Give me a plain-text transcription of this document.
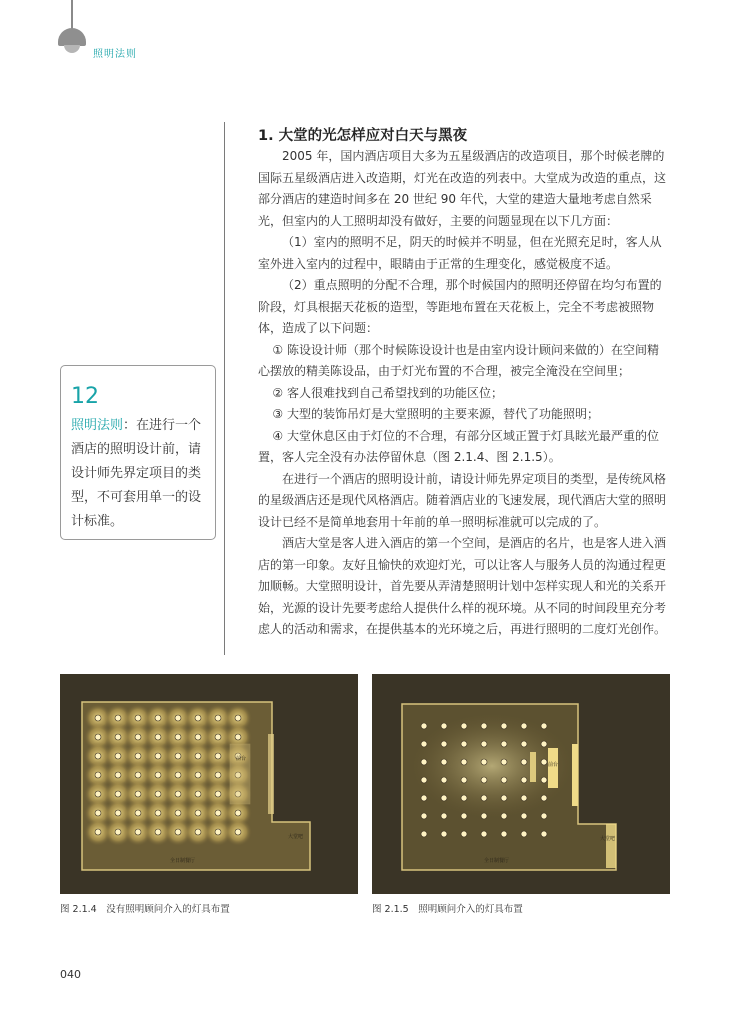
照明法则
1. 大堂的光怎样应对白天与黑夜

2005 年，国内酒店项目大多为五星级酒店的改造项目，那个时候老牌的国际五星级酒店进入改造期，灯光在改造的列表中。大堂成为改造的重点，这部分酒店的建造时间多在 20 世纪 90 年代，大堂的建造大量地考虑自然采光，但室内的人工照明却没有做好，主要的问题显现在以下几方面：

（1）室内的照明不足，阴天的时候并不明显，但在光照充足时，客人从室外进入室内的过程中，眼睛由于正常的生理变化，感觉极度不适。

（2）重点照明的分配不合理，那个时候国内的照明还停留在均匀布置的阶段，灯具根据天花板的造型，等距地布置在天花板上，完全不考虑被照物体，造成了以下问题：

① 陈设设计师（那个时候陈设设计也是由室内设计顾问来做的）在空间精心摆放的精美陈设品，由于灯光布置的不合理，被完全淹没在空间里；

② 客人很难找到自己希望找到的功能区位；

③ 大型的装饰吊灯是大堂照明的主要来源，替代了功能照明；

④ 大堂休息区由于灯位的不合理，有部分区域正置于灯具眩光最严重的位置，客人完全没有办法停留休息（图 2.1.4、图 2.1.5）。

在进行一个酒店的照明设计前，请设计师先界定项目的类型，是传统风格的星级酒店还是现代风格酒店。随着酒店业的飞速发展，现代酒店大堂的照明设计已经不是简单地套用十年前的单一照明标准就可以完成的了。

酒店大堂是客人进入酒店的第一个空间，是酒店的名片，也是客人进入酒店的第一印象。友好且愉快的欢迎灯光，可以让客人与服务人员的沟通过程更加顺畅。大堂照明设计，首先要从弄清楚照明计划中怎样实现人和光的关系开始，光源的设计先要考虑给人提供什么样的视环境。从不同的时间段里充分考虑人的活动和需求，在提供基本的光环境之后，再进行照明的二度灯光创作。

12
照明法则：在进行一个酒店的照明设计前，请设计师先界定项目的类型，不可套用单一的设计标准。
前台
大堂吧
全日制餐厅
前台
大堂吧
全日制餐厅
图 2.1.4　没有照明顾问介入的灯具布置	图 2.1.5　照明顾问介入的灯具布置
040
